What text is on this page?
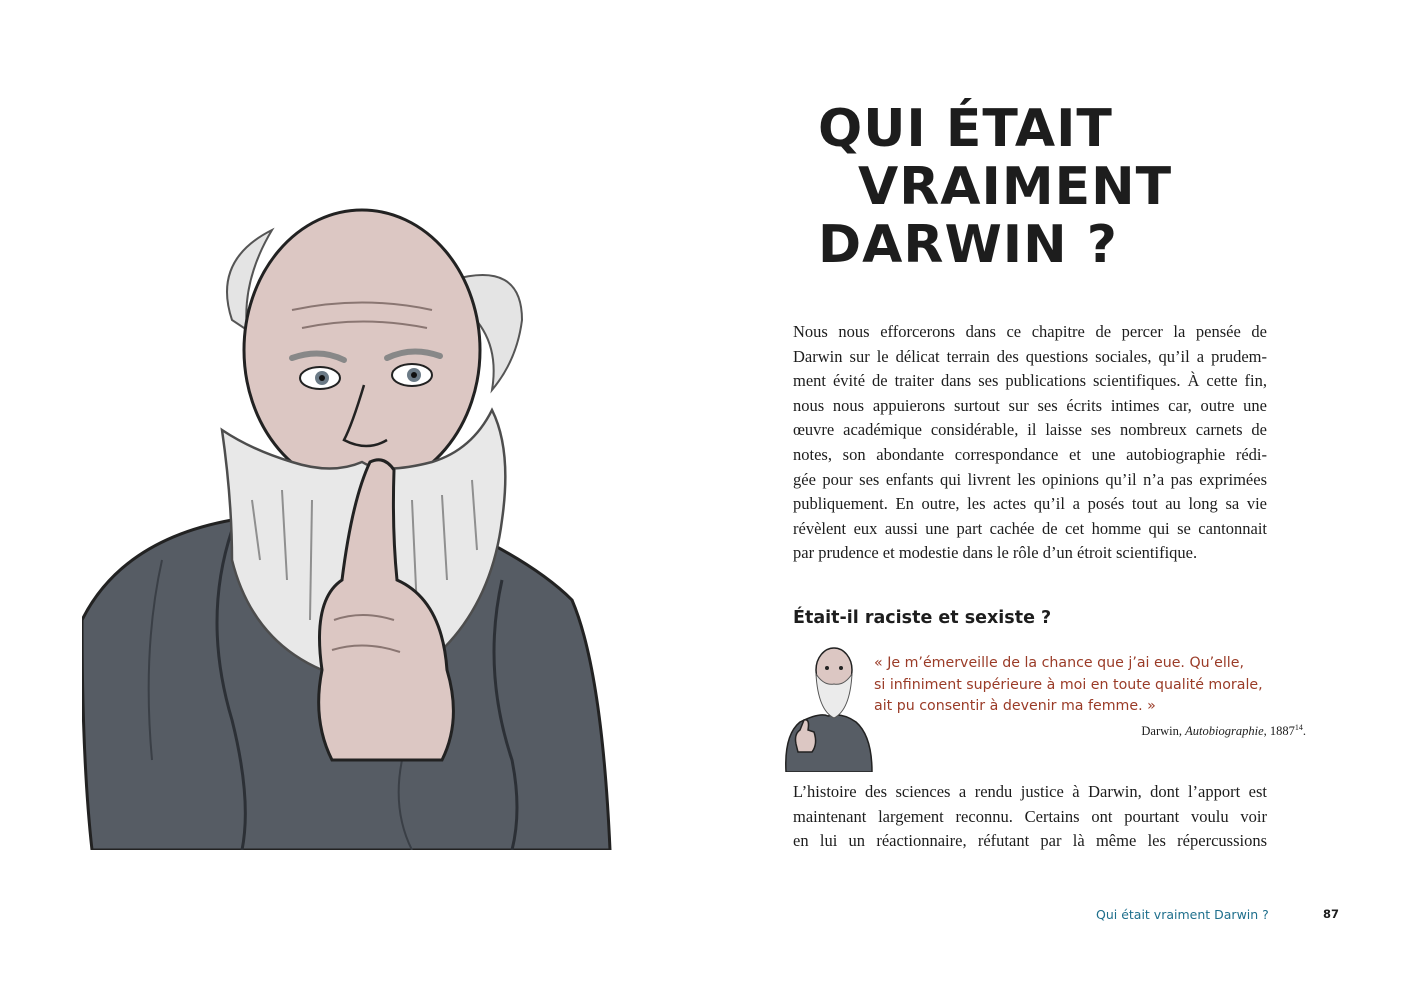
QUI ÉTAIT
VRAIMENT
DARWIN ?

Nous nous efforcerons dans ce chapitre de percer la pensée de
Darwin sur le délicat terrain des questions sociales, qu’il a prudem-
ment évité de traiter dans ses publications scientifiques. À cette fin,
nous nous appuierons surtout sur ses écrits intimes car, outre une
œuvre académique considérable, il laisse ses nombreux carnets de
notes, son abondante correspondance et une autobiographie rédi-
gée pour ses enfants qui livrent les opinions qu’il n’a pas exprimées
publiquement. En outre, les actes qu’il a posés tout au long sa vie
révèlent eux aussi une part cachée de cet homme qui se cantonnait
par prudence et modestie dans le rôle d’un étroit scientifique.

Était-il raciste et sexiste ?

« Je m’émerveille de la chance que j’ai eue. Qu’elle,
si infiniment supérieure à moi en toute qualité morale,
ait pu consentir à devenir ma femme. »

Darwin, Autobiographie, 1887$^{14}$.

L’histoire des sciences a rendu justice à Darwin, dont l’apport est
maintenant largement reconnu. Certains ont pourtant voulu voir
en lui un réactionnaire, réfutant par là même les répercussions

Qui était vraiment Darwin ?	87
